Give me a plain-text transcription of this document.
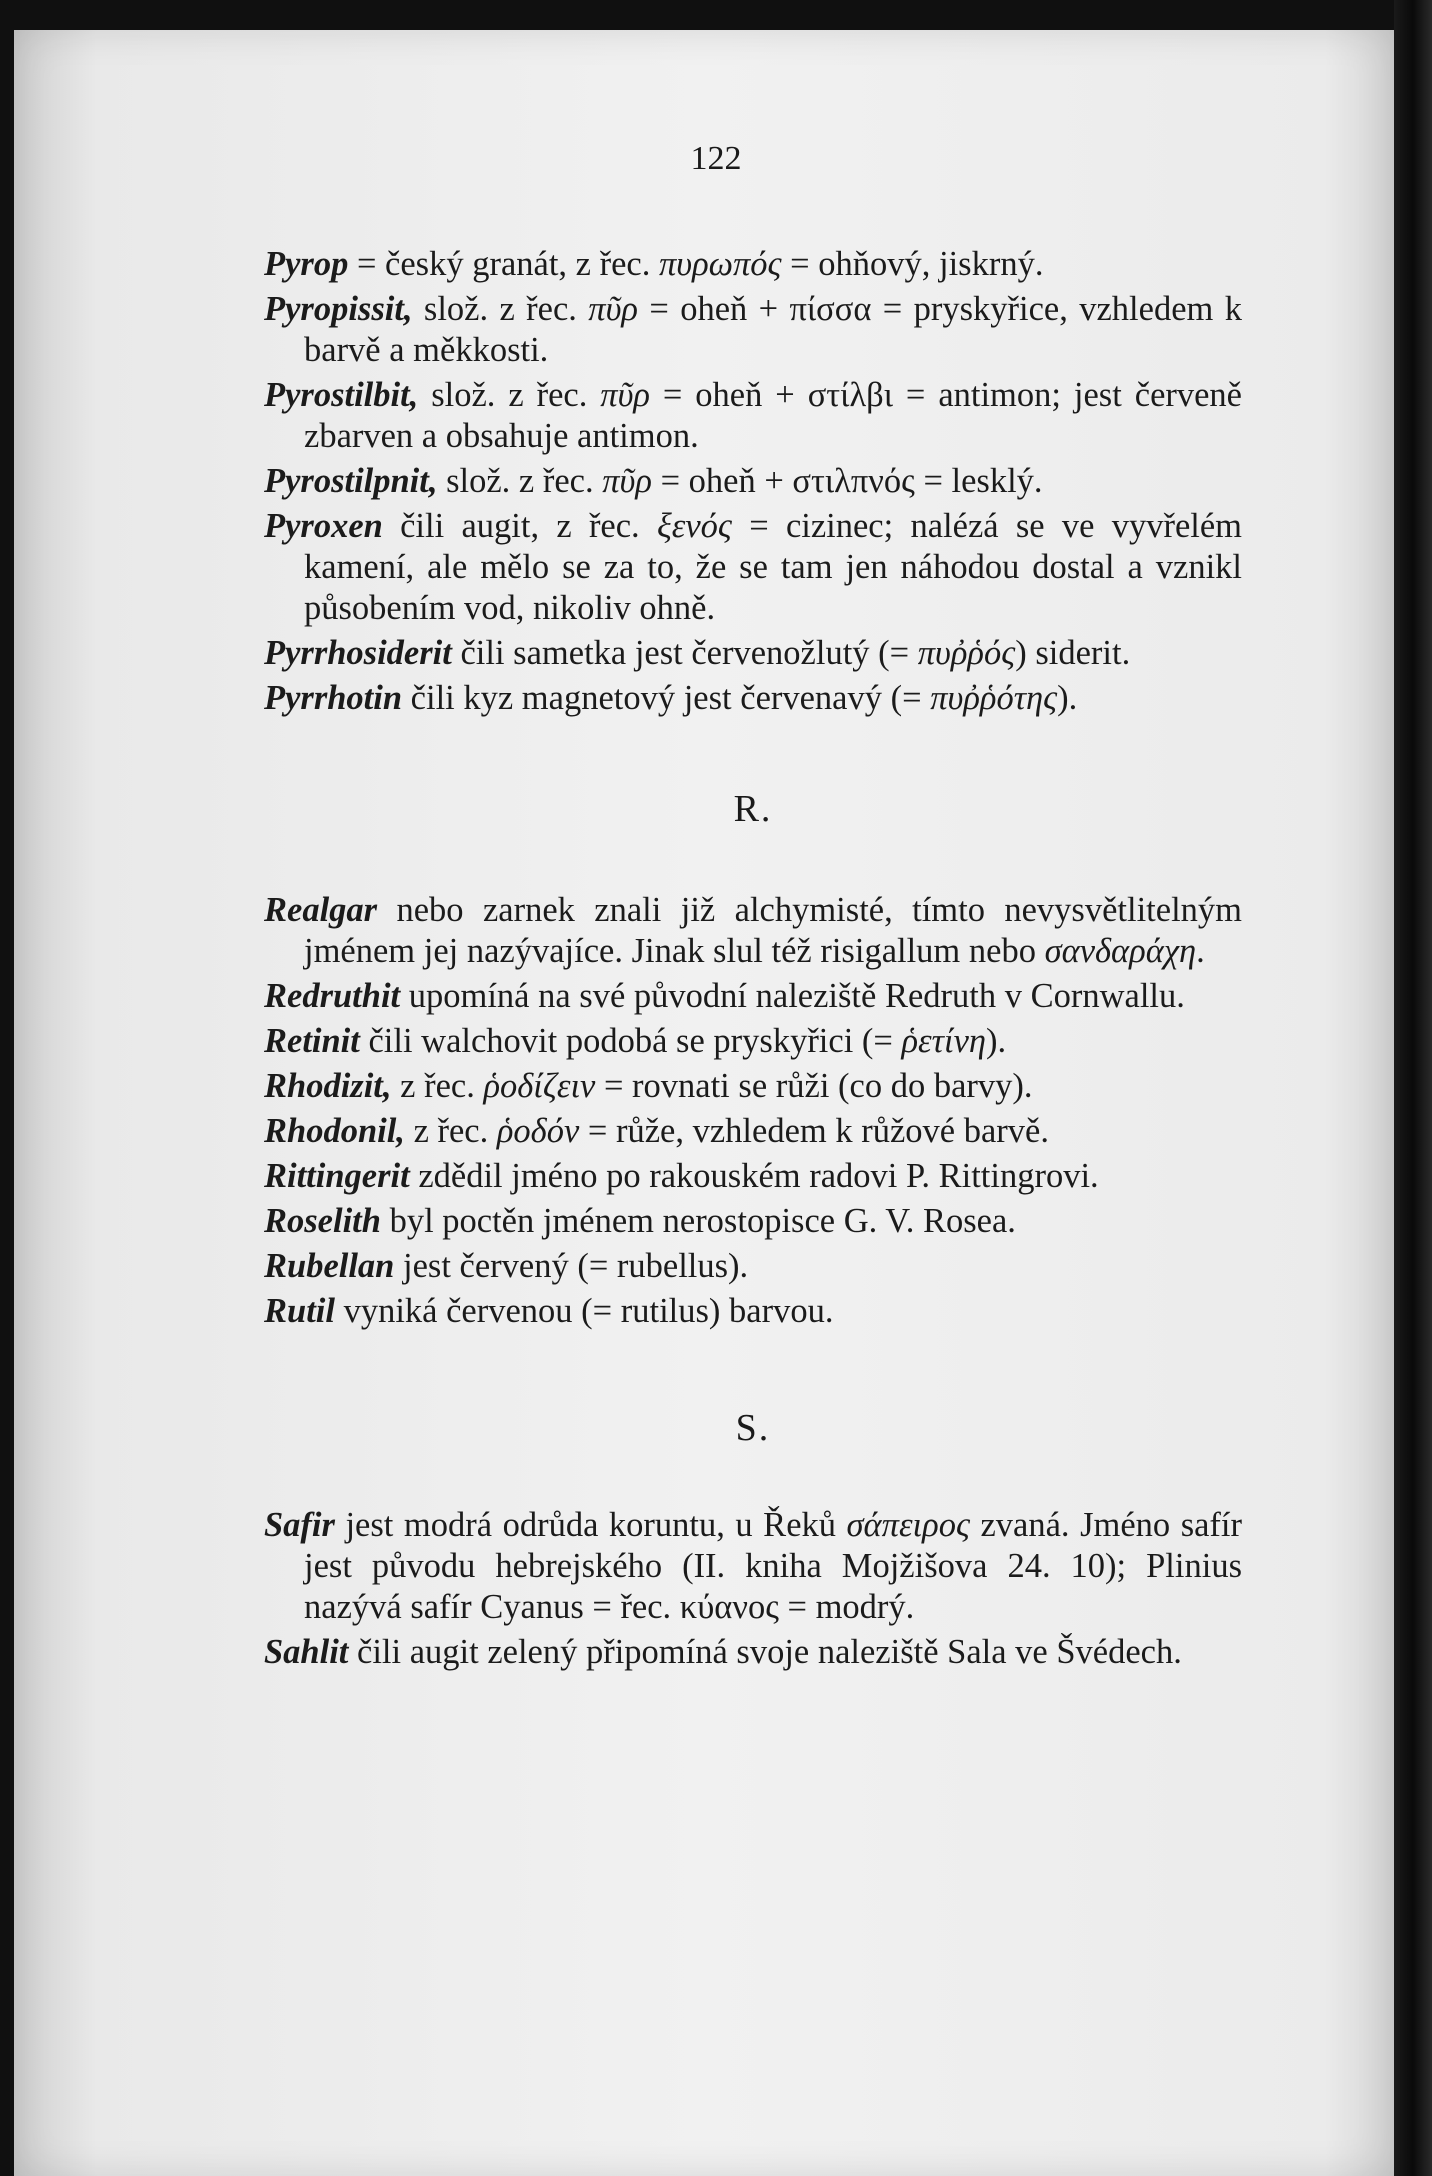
122

Pyrop = český granát, z řec. πυρωπός = ohňový, jiskrný.

Pyropissit, slož. z řec. πῦρ = oheň + πίσσα = pryskyřice, vzhledem k barvě a měkkosti.

Pyrostilbit, slož. z řec. πῦρ = oheň + στίλβι = antimon; jest červeně zbarven a obsahuje antimon.

Pyrostilpnit, slož. z řec. πῦρ = oheň + στιλπνός = lesklý.

Pyroxen čili augit, z řec. ξενός = cizinec; nalézá se ve vyvřelém kamení, ale mělo se za to, že se tam jen náhodou dostal a vznikl působením vod, nikoliv ohně.

Pyrrhosiderit čili sametka jest červenožlutý (= πυῤῥός) siderit.

Pyrrhotin čili kyz magnetový jest červenavý (= πυῤῥότης).

R.

Realgar nebo zarnek znali již alchymisté, tímto nevysvětlitelným jménem jej nazývajíce. Jinak slul též risigallum nebo σανδαράχη.

Redruthit upomíná na své původní naleziště Redruth v Cornwallu.

Retinit čili walchovit podobá se pryskyřici (= ῥετίνη).

Rhodizit, z řec. ῥοδίζειν = rovnati se růži (co do barvy).

Rhodonil, z řec. ῥοδόν = růže, vzhledem k růžové barvě.

Rittingerit zdědil jméno po rakouském radovi P. Rittingrovi.

Roselith byl poctěn jménem nerostopisce G. V. Rosea.

Rubellan jest červený (= rubellus).

Rutil vyniká červenou (= rutilus) barvou.

S.

Safir jest modrá odrůda koruntu, u Řeků σάπειρος zvaná. Jméno safír jest původu hebrejského (II. kniha Mojžišova 24. 10); Plinius nazývá safír Cyanus = řec. κύανος = modrý.

Sahlit čili augit zelený připomíná svoje naleziště Sala ve Švédech.
